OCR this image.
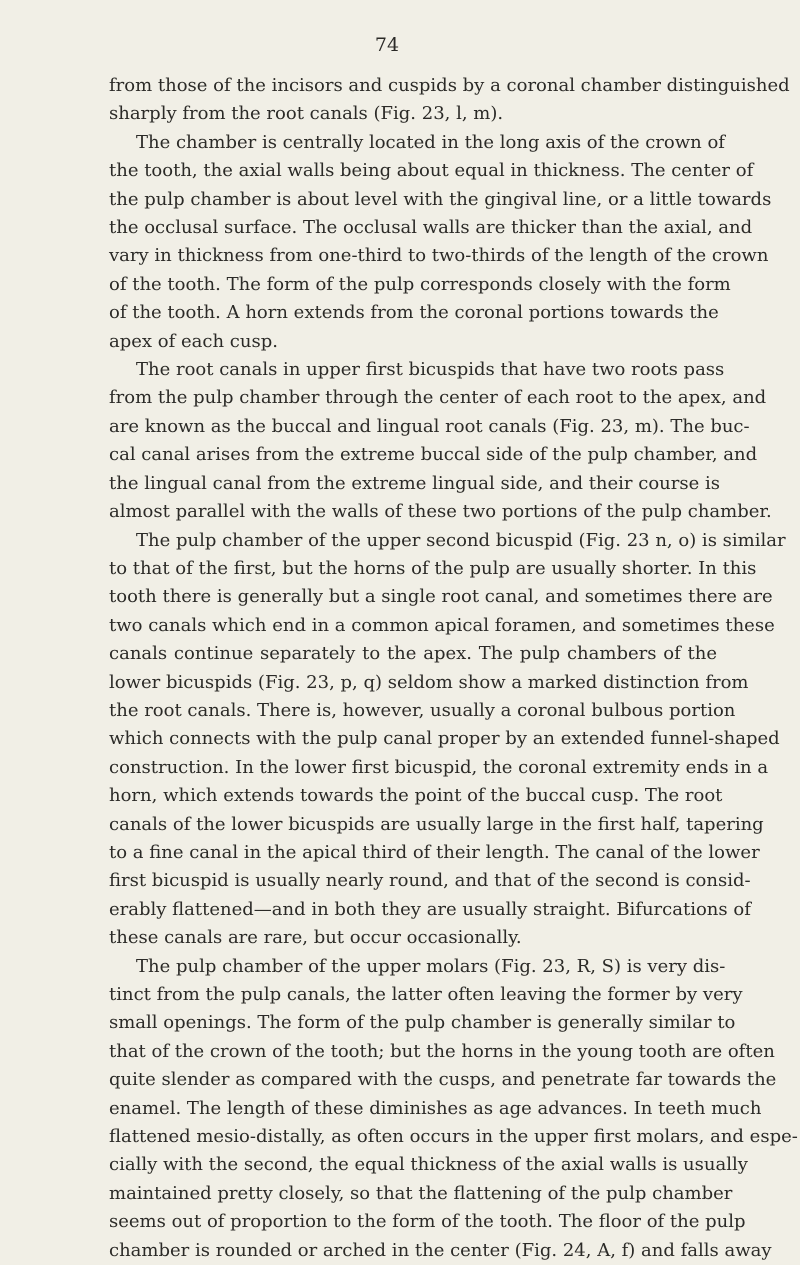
74
from those of the incisors and cuspids by a coronal chamber distinguished
sharply from the root canals (Fig. 23, l, m).
The chamber is centrally located in the long axis of the crown of
the tooth, the axial walls being about equal in thickness. The center of
the pulp chamber is about level with the gingival line, or a little towards
the occlusal surface. The occlusal walls are thicker than the axial, and
vary in thickness from one-third to two-thirds of the length of the crown
of the tooth. The form of the pulp corresponds closely with the form
of the tooth. A horn extends from the coronal portions towards the
apex of each cusp.
The root canals in upper first bicuspids that have two roots pass
from the pulp chamber through the center of each root to the apex, and
are known as the buccal and lingual root canals (Fig. 23, m). The buc-
cal canal arises from the extreme buccal side of the pulp chamber, and
the lingual canal from the extreme lingual side, and their course is
almost parallel with the walls of these two portions of the pulp chamber.
The pulp chamber of the upper second bicuspid (Fig. 23 n, o) is similar
to that of the first, but the horns of the pulp are usually shorter. In this
tooth there is generally but a single root canal, and sometimes there are
two canals which end in a common apical foramen, and sometimes these
canals continue separately to the apex. The pulp chambers of the
lower bicuspids (Fig. 23, p, q) seldom show a marked distinction from
the root canals. There is, however, usually a coronal bulbous portion
which connects with the pulp canal proper by an extended funnel-shaped
construction. In the lower first bicuspid, the coronal extremity ends in a
horn, which extends towards the point of the buccal cusp. The root
canals of the lower bicuspids are usually large in the first half, tapering
to a fine canal in the apical third of their length. The canal of the lower
first bicuspid is usually nearly round, and that of the second is consid-
erably flattened—and in both they are usually straight. Bifurcations of
these canals are rare, but occur occasionally.
The pulp chamber of the upper molars (Fig. 23, R, S) is very dis-
tinct from the pulp canals, the latter often leaving the former by very
small openings. The form of the pulp chamber is generally similar to
that of the crown of the tooth; but the horns in the young tooth are often
quite slender as compared with the cusps, and penetrate far towards the
enamel. The length of these diminishes as age advances. In teeth much
flattened mesio-distally, as often occurs in the upper first molars, and espe-
cially with the second, the equal thickness of the axial walls is usually
maintained pretty closely, so that the flattening of the pulp chamber
seems out of proportion to the form of the tooth. The floor of the pulp
chamber is rounded or arched in the center (Fig. 24, A, f) and falls away
